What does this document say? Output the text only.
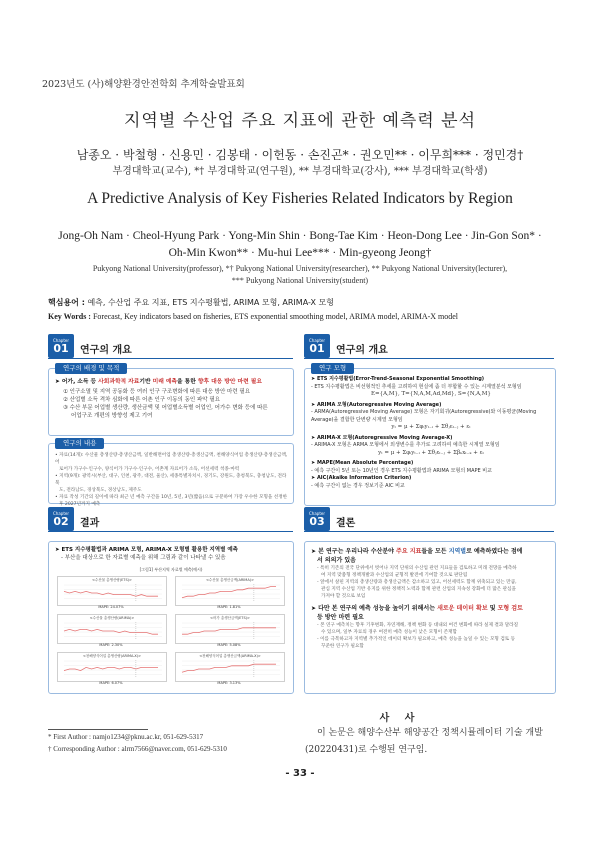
2023년도 (사)해양환경안전학회 추계학술발표회
지역별 수산업 주요 지표에 관한 예측력 분석
남종오 · 박철형 · 신용민 · 김봉태 · 이헌동 · 손진곤* · 권오민** · 이무희*** · 정민경†
부경대학교(교수), *† 부경대학교(연구원), ** 부경대학교(강사), *** 부경대학교(학생)
A Predictive Analysis of Key Fisheries Related Indicators by Region
Jong-Oh Nam · Cheol-Hyung Park · Yong-Min Shin · Bong-Tae Kim · Heon-Dong Lee · Jin-Gon Son* ·
Oh-Min Kwon** · Mu-hui Lee*** · Min-gyeong Jeong†
Pukyong National University(professor), *† Pukyong National University(researcher), ** Pukyong National University(lecturer),
*** Pukyong National University(student)
핵심용어 : 예측, 수산업 주요 지표, ETS 지수평활법, ARIMA 모형, ARIMA-X 모형
Key Words : Forecast, Key indicators based on fisheries, ETS exponential smoothing model, ARIMA model, ARIMA-X model
Chapter
01 연구의 개요
연구의 배경 및 목적
➤ 어가, 소득 등 사회과학적 자료기반 미래 예측을 통한 향후 대응 방안 마련 필요
① 인구소멸 및 지역 공동화 등 여러 인구 구조변화에 따른 대응 방안 마련 필요
② 산업별 소득 격차 심화에 따른 어촌 인구 이동의 동인 파악 필요
③ 수산 부문 어업별 생산량, 생산금액 및 어업별소득별 어업인, 어가수 변화 등에 따른
어업구조 개편의 방향성 제고 기여
연구의 내용
• 자료(14개): 수산물 총생산량·총생산금액, 일반해면어업 총생산량·총생산금액, 천해양식어업 총생산량·총생산금액, 어
로어가 가구수·인구수, 양식어가 가구수·인구수, 어촌계 자료어가 소득, 어선세력 척종·마력
• 지역(9개): 광역시(부산, 대구, 인천, 광주, 대전, 울산), 세종특별자치시, 경기도, 강원도, 충청북도, 충청남도, 전라북
도, 전라남도, 경상북도, 경상남도, 제주도
• 자료 작성 기간의 길이에 따라 최근 년 예측 구간을 10년, 5년, 3년(짧음)으로 구분하여 가장 우수한 모형을 선정한
후 2027년까지 예측
Chapter
01 연구의 개요
연구 모형
➤ ETS 지수평활법(Error-Trend-Seasonal Exponential Smoothing)
- ETS 지수평활법은 비선형적인 추세를 고려하여 현실에 좀 더 부합할 수 있는 시계열분석 모형임
E={A,M}, T={N,A,M,Ad,Md}, S={N,A,M}
➤ ARIMA 모형(Autoregressive Moving Average)
- ARMA(Autoregressive Moving Average) 모형은 자기회귀(Autoregressive)와 이동평균(Moving
Average)을 결합한 단변량 시계열 모형임
yₜ = μ + Σφᵢyₜ₋ᵢ + Σθⱼεₜ₋ⱼ + εₜ
➤ ARIMA-X 모형(Autoregressive Moving Average-X)
- ARIMA-X 모형은 ARMA 모형에서 외생변수를 추가로 고려하여 예측한 시계열 모형임
yₜ = μ + Σφᵢyₜ₋ᵢ + Σθⱼεₜ₋ⱼ + Σβₖxₜ₋ₖ + εₜ
➤ MAPE(Mean Absolute Percentage)
- 예측 구간이 5년 또는 10년인 경우 ETS 지수평활법과 ARIMA 모형의 MAPE 비교
➤ AIC(Akaike Information Criterion)
- 예측 구간이 없는 경우 정보기준 AIC 비교
Chapter
02 결과
➤ ETS 지수평활법과 ARIMA 모형, ARIMA-X 모형별 활용한 지역별 예측
- 부산을 대상으로 한 자료별 예측을 위해 그림과 같이 나타낼 수 있음
[그림1] 부산지역 자료별 예측(예시)
<수산물 총생산량(ETS)>
MAPE: 24.07%
<수산물 총생산금액(ARIMA)>
MAPE: 1.81%
<수산물 총생산량(ARIMA)>
MAPE: 2.30%
<어가 총생산금액(ETS)>
MAPE: 5.08%
<천해양식어업 총생산량(ARIMA-X)>
MAPE: 6.07%
<천해양식어업 총생산금액(ARIMA-X)>
MAPE: 3.13%
Chapter
03 결론
➤ 본 연구는 우리나라 수산분야 주요 지표들을 모든 지역별로 예측하였다는 점에
서 의의가 있음
- 특히 기존의 전국 단위에서 벗어나 지역 단위의 수산업 관련 지표들을 검토하고 미래 전망을 예측하
여 지역 맞춤형 정책개발과 수산업의 균형적 발전에 기여할 것으로 판단됨
- 앞에서 살핀 지역의 총생산량과 총생산금액은 감소하고 있고, 어선세력도 함께 위축되고 있는 만큼,
관심 지역 수산업 기반 유지를 위한 정책적 노력과 함께 관련 산업의 지속성 강화에 더 많은 관심을
가져야 할 것으로 보임
➤ 다만 본 연구의 예측 성능을 높이기 위해서는 새로운 데이터 확보 및 모형 검토
등 방안 마련 필요
- 본 연구 예측치는 향후 기후변화, 자연재해, 정책 변화 등 대내외 여건 변화에 따라 실제 결과 달라질
수 있으며, 일부 자료의 경우 여전히 예측 성능이 낮은 모형이 존재함
- 이를 극복하고자 지역별 추가적인 데이터 확보가 필요하고, 예측 성능을 높일 수 있는 모형 검토 등
꾸준한 연구가 필요함
* First Author : namjo1234@pknu.ac.kr, 051-629-5317
† Corresponding Author : alrm7566@naver.com, 051-629-5310
사 사
이 논문은 해양수산부 해양공간 정책시뮬레이터 기술 개발(20220431)로 수행된 연구임.
- 33 -
